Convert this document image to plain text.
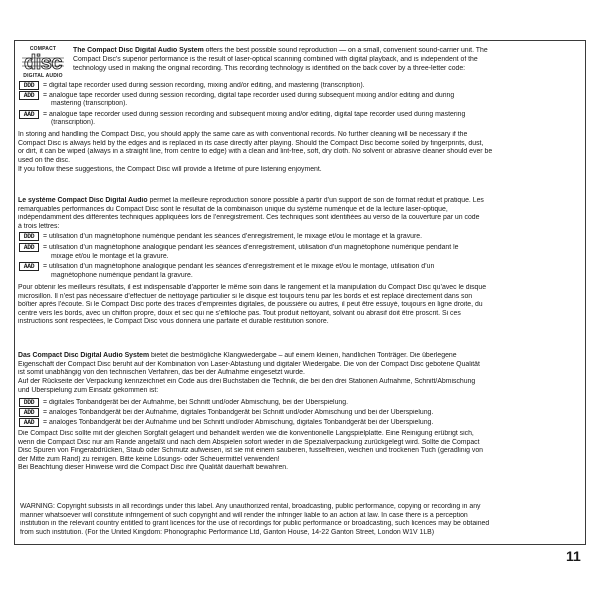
COMPACT
disc
DIGITAL AUDIO
The Compact Disc Digital Audio System offers the best possible sound reproduction — on a small, convenient sound-carrier unit. The
Compact Disc’s superior performance is the result of laser-optical scanning combined with digital playback, and is independent of the
technology used in making the original recording. This recording technology is identified on the back cover by a three-letter code:
DDD	= digital tape recorder used during session recording, mixing and/or editing, and mastering (transcription).
ADD	= analogue tape recorder used during session recording, digital tape recorder used during subsequent mixing and/or editing and during
mastering (transcription).
AAD	= analogue tape recorder used during session recording and subsequent mixing and/or editing, digital tape recorder used during mastering
(transcription).
In storing and handling the Compact Disc, you should apply the same care as with conventional records. No further cleaning will be necessary if the
Compact Disc is always held by the edges and is replaced in its case directly after playing. Should the Compact Disc become soiled by fingerprints, dust,
or dirt, it can be wiped (always in a straight line, from centre to edge) with a clean and lint-free, soft, dry cloth. No solvent or abrasive cleaner should ever be
used on the disc.
If you follow these suggestions, the Compact Disc will provide a lifetime of pure listening enjoyment.
Le système Compact Disc Digital Audio permet la meilleure reproduction sonore possible à partir d’un support de son de format réduit et pratique. Les
remarquables performances du Compact Disc sont le résultat de la combinaison unique du système numérique et de la lecture laser-optique,
indépendamment des différentes techniques appliquées lors de l’enregistrement. Ces techniques sont identifiées au verso de la couverture par un code
à trois lettres:
DDD	= utilisation d’un magnétophone numérique pendant les séances d’enregistrement, le mixage et/ou le montage et la gravure.
ADD	= utilisation d’un magnétophone analogique pendant les séances d’enregistrement, utilisation d’un magnétophone numérique pendant le
mixage et/ou le montage et la gravure.
AAD	= utilisation d’un magnétophone analogique pendant les séances d’enregistrement et le mixage et/ou le montage, utilisation d’un
magnétophone numérique pendant la gravure.
Pour obtenir les meilleurs résultats, il est indispensable d’apporter le même soin dans le rangement et la manipulation du Compact Disc qu’avec le disque
microsillon. Il n’est pas nécessaire d’effectuer de nettoyage particulier si le disque est toujours tenu par les bords et est replacé directement dans son
boîtier après l’écoute. Si le Compact Disc porte des traces d’empreintes digitales, de poussière ou autres, il peut être essuyé, toujours en ligne droite, du
centre vers les bords, avec un chiffon propre, doux et sec qui ne s’effiloche pas. Tout produit nettoyant, solvant ou abrasif doit être proscrit. Si ces
instructions sont respectées, le Compact Disc vous donnera une parfaite et durable restitution sonore.
Das Compact Disc Digital Audio System bietet die bestmögliche Klangwiedergabe – auf einem kleinen, handlichen Tonträger. Die überlegene
Eigenschaft der Compact Disc beruht auf der Kombination von Laser-Abtastung und digitaler Wiedergabe. Die von der Compact Disc gebotene Qualität
ist somit unabhängig von den technischen Verfahren, das bei der Aufnahme eingesetzt wurde.
Auf der Rückseite der Verpackung kennzeichnet ein Code aus drei Buchstaben die Technik, die bei den drei Stationen Aufnahme, Schnitt/Abmischung
und Überspielung zum Einsatz gekommen ist:
DDD	= digitales Tonbandgerät bei der Aufnahme, bei Schnitt und/oder Abmischung, bei der Überspielung.
ADD	= analoges Tonbandgerät bei der Aufnahme, digitales Tonbandgerät bei Schnitt und/oder Abmischung und bei der Überspielung.
AAD	= analoges Tonbandgerät bei der Aufnahme und bei Schnitt und/oder Abmischung, digitales Tonbandgerät bei der Überspielung.
Die Compact Disc sollte mit der gleichen Sorgfalt gelagert und behandelt werden wie die konventionelle Langspielplatte. Eine Reinigung erübrigt sich,
wenn die Compact Disc nur am Rande angefaßt und nach dem Abspielen sofort wieder in die Spezialverpackung zurückgelegt wird. Sollte die Compact
Disc Spuren von Fingerabdrücken, Staub oder Schmutz aufweisen, ist sie mit einem sauberen, fusselfreien, weichen und trockenen Tuch (geradlinig von
der Mitte zum Rand) zu reinigen. Bitte keine Lösungs- oder Scheuermittel verwenden!
Bei Beachtung dieser Hinweise wird die Compact Disc ihre Qualität dauerhaft bewahren.
WARNING: Copyright subsists in all recordings under this label. Any unauthorized rental, broadcasting, public performance, copying or recording in any
manner whatsoever will constitute infringement of such copyright and will render the infringer liable to an action at law. In case there is a perception
institution in the relevant country entitled to grant licences for the use of recordings for public performance or broadcasting, such licences may be obtained
from such institution. (For the United Kingdom: Phonographic Performance Ltd, Ganton House, 14-22 Ganton Street, London W1V 1LB)
11
